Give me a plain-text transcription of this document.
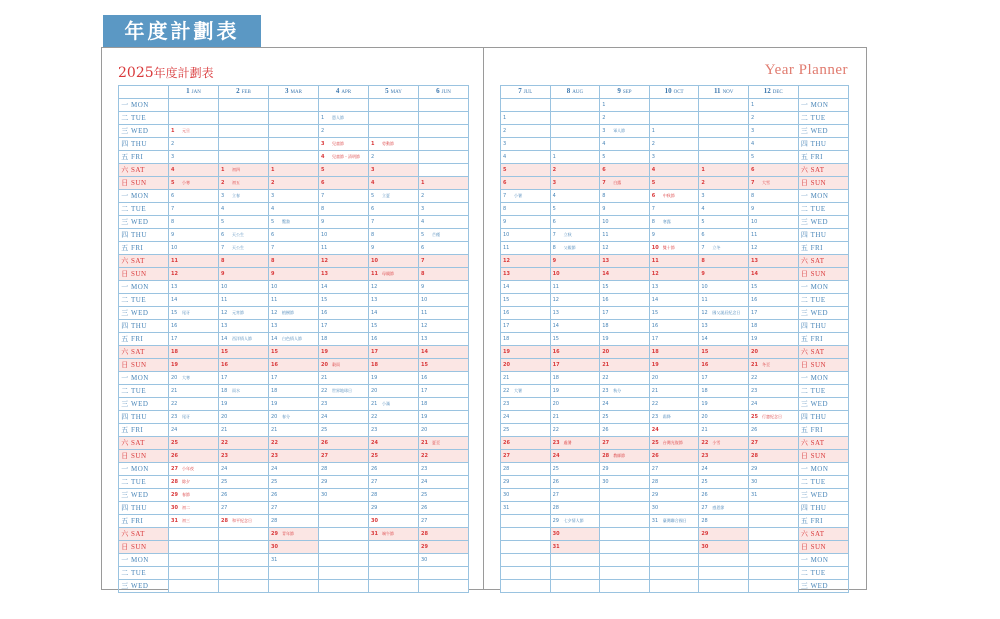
年度計劃表
2025年度計劃表	Year Planner
	1 JAN	2 FEB	3 MAR	4 APR	5 MAY	6 JUN
一 MON						
二 TUE				1 愚人節		
三 WED	1 元旦			2		
四 THU	2			3 兒童節	1 勞動節	
五 FRI	3			4 兒童節・清明節	2	
六 SAT	4	1 初四	1	5	3	
日 SUN	5 小寒	2 初五	2	6	4	1
一 MON	6	3 立春	3	7	5 立夏	2
二 TUE	7	4	4	8	6	3
三 WED	8	5	5 驚蟄	9	7	4
四 THU	9	6 天公生	6	10	8	5 芒種
五 FRI	10	7 天公生	7	11	9	6
六 SAT	11	8	8	12	10	7
日 SUN	12	9	9	13	11 母親節	8
一 MON	13	10	10	14	12	9
二 TUE	14	11	11	15	13	10
三 WED	15 尾牙	12 元宵節	12 植樹節	16	14	11
四 THU	16	13	13	17	15	12
五 FRI	17	14 西洋情人節	14 白色情人節	18	16	13
六 SAT	18	15	15	19	17	14
日 SUN	19	16	16	20 穀雨	18	15
一 MON	20 大寒	17	17	21	19	16
二 TUE	21	18 雨水	18	22 世界地球日	20	17
三 WED	22	19	19	23	21 小滿	18
四 THU	23 尾牙	20	20 春分	24	22	19
五 FRI	24	21	21	25	23	20
六 SAT	25	22	22	26	24	21 夏至
日 SUN	26	23	23	27	25	22
一 MON	27 小年夜	24	24	28	26	23
二 TUE	28 除夕	25	25	29	27	24
三 WED	29 春節	26	26	30	28	25
四 THU	30 初二	27	27		29	26
五 FRI	31 初三	28 和平紀念日	28		30	27
六 SAT			29 青年節		31 端午節	28
日 SUN			30			29
一 MON			31			30
二 TUE						
三 WED						
7 JUL	8 AUG	9 SEP	10 OCT	11 NOV	12 DEC	
		1			1	一 MON
1		2			2	二 TUE
2		3 軍人節	1		3	三 WED
3		4	2		4	四 THU
4	1	5	3		5	五 FRI
5	2	6	4	1	6	六 SAT
6	3	7 白露	5	2	7 大雪	日 SUN
7 小暑	4	8	6 中秋節	3	8	一 MON
8	5	9	7	4	9	二 TUE
9	6	10	8 寒露	5	10	三 WED
10	7 立秋	11	9	6	11	四 THU
11	8 父親節	12	10 雙十節	7 立冬	12	五 FRI
12	9	13	11	8	13	六 SAT
13	10	14	12	9	14	日 SUN
14	11	15	13	10	15	一 MON
15	12	16	14	11	16	二 TUE
16	13	17	15	12 國父誕辰紀念日	17	三 WED
17	14	18	16	13	18	四 THU
18	15	19	17	14	19	五 FRI
19	16	20	18	15	20	六 SAT
20	17	21	19	16	21 冬至	日 SUN
21	18	22	20	17	22	一 MON
22 大暑	19	23 秋分	21	18	23	二 TUE
23	20	24	22	19	24	三 WED
24	21	25	23 霜降	20	25 行憲紀念日	四 THU
25	22	26	24	21	26	五 FRI
26	23 處暑	27	25 台灣光復節	22 小雪	27	六 SAT
27	24	28 教師節	26	23	28	日 SUN
28	25	29	27	24	29	一 MON
29	26	30	28	25	30	二 TUE
30	27		29	26	31	三 WED
31	28		30	27 感恩節		四 THU
	29 七夕情人節		31 臺灣聯合國日	28		五 FRI
	30			29		六 SAT
	31			30		日 SUN
						一 MON
						二 TUE
						三 WED
